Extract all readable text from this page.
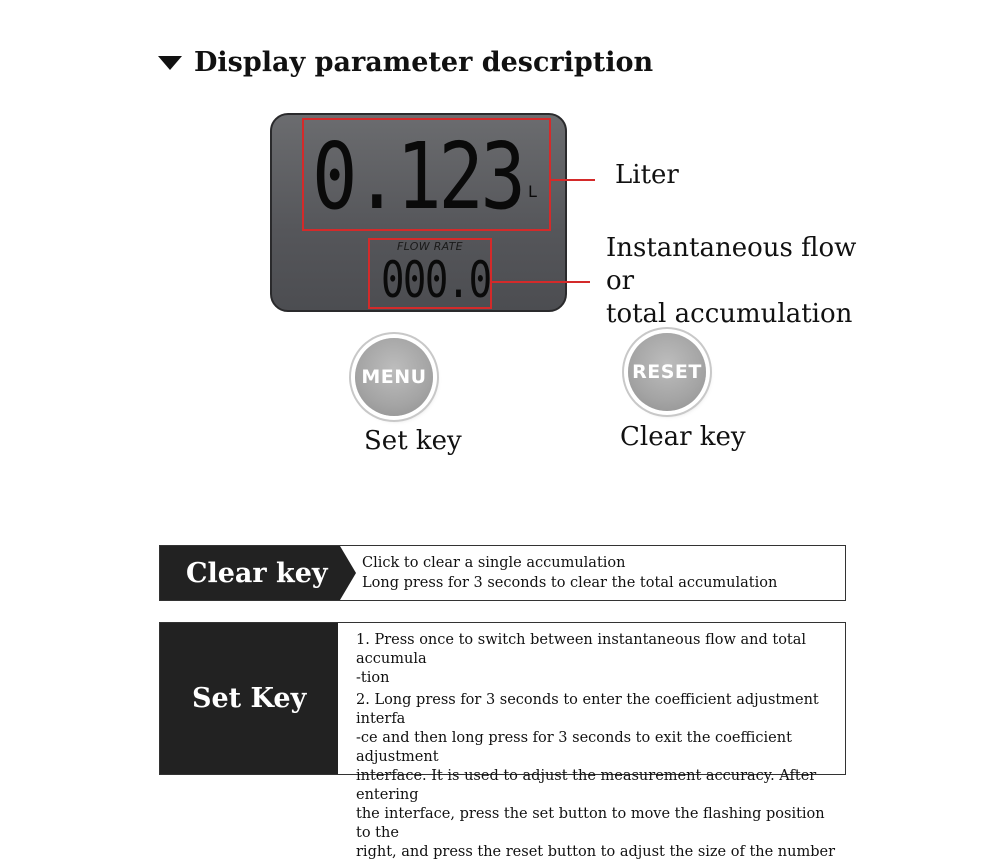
Display parameter description
0.123 L
FLOW RATE
000.0
Liter
Instantaneous flow
or
total accumulation
MENU	RESET
Set key	Clear key
Clear key	Click to clear a single accumulation
Long press for 3 seconds to clear the total accumulation
Set Key

1. Press once to switch between instantaneous flow and total accumula
-tion

2. Long press for 3 seconds to enter the coefficient adjustment interfa
-ce and then long press for 3 seconds to exit the coefficient adjustment
interface. It is used to adjust the measurement accuracy. After entering
the interface, press the set button to move the flashing position to the
right, and press the reset button to adjust the size of the number
